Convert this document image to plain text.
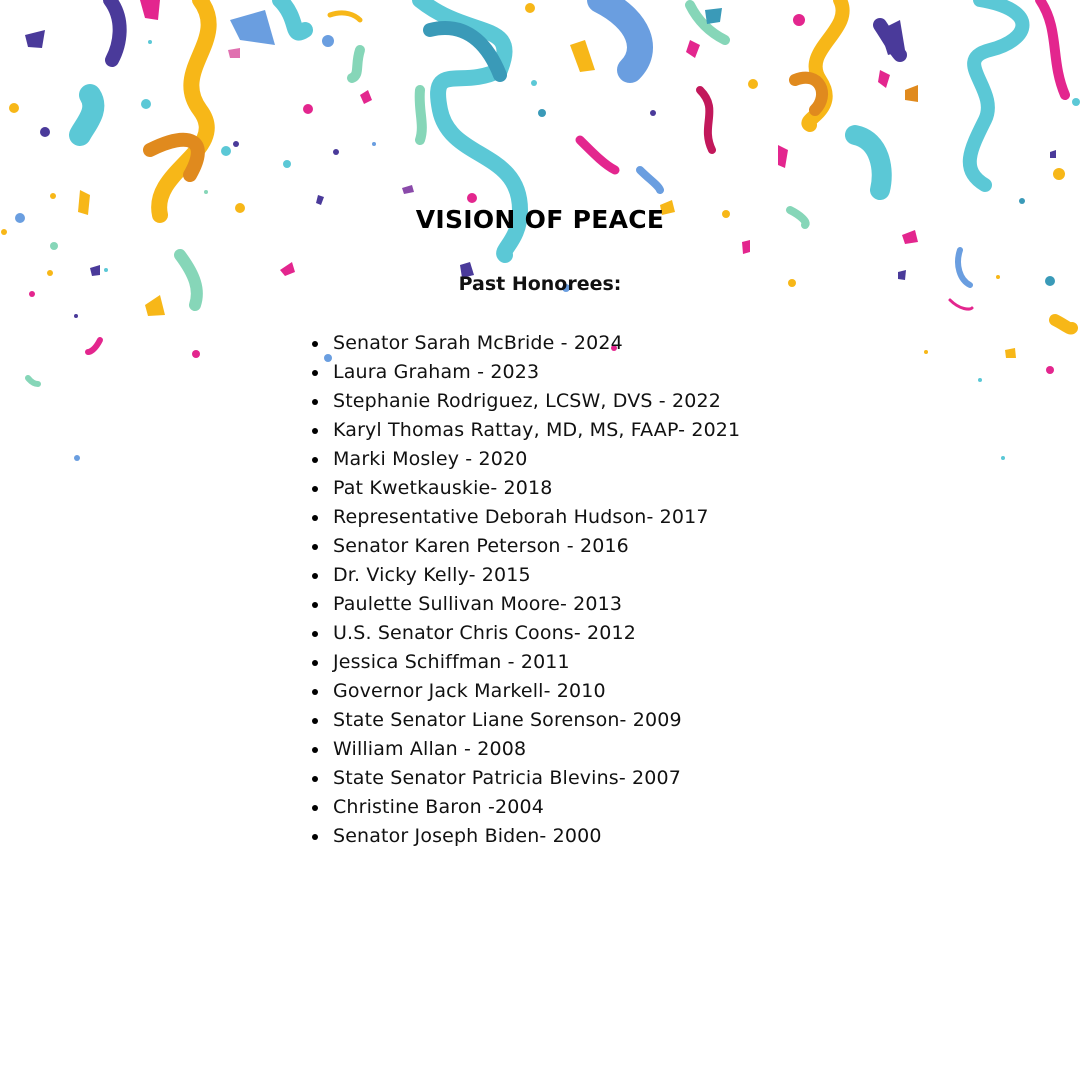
VISION OF PEACE
Past Honorees:
Senator Sarah McBride - 2024
Laura Graham - 2023
Stephanie Rodriguez, LCSW, DVS - 2022
Karyl Thomas Rattay, MD, MS, FAAP- 2021
Marki Mosley - 2020
Pat Kwetkauskie- 2018
Representative Deborah Hudson- 2017
Senator Karen Peterson - 2016
Dr. Vicky Kelly- 2015
Paulette Sullivan Moore- 2013
U.S. Senator Chris Coons- 2012
Jessica Schiffman - 2011
Governor Jack Markell- 2010
State Senator Liane Sorenson- 2009
William Allan - 2008
State Senator Patricia Blevins- 2007
Christine Baron -2004
Senator Joseph Biden- 2000
